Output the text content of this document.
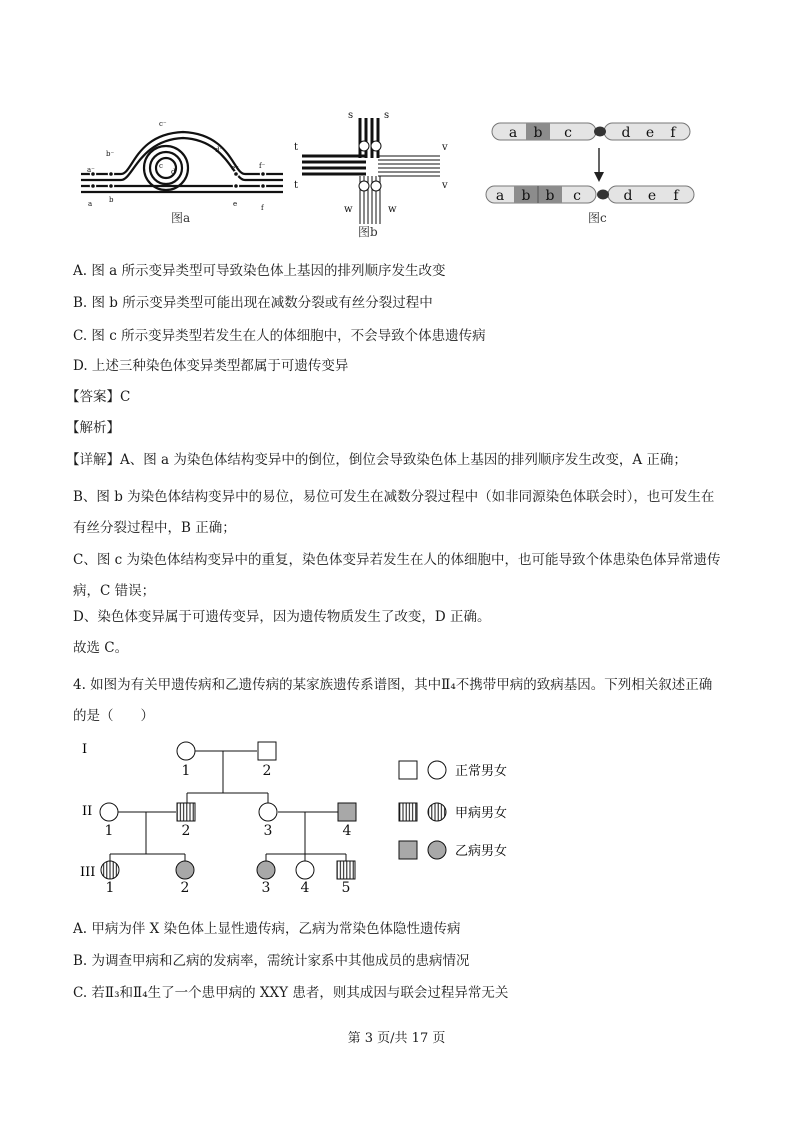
a⁻
b⁻
c⁻
d⁻
e⁻	f⁻
c
d
a b	e	f
图a
s	s
t
t
v
v
w	w
图b
a b c	d e f
a b b c	d e f
图c
A. 图 a 所示变异类型可导致染色体上基因的排列顺序发生改变
B. 图 b 所示变异类型可能出现在减数分裂或有丝分裂过程中
C. 图 c 所示变异类型若发生在人的体细胞中，不会导致个体患遗传病
D. 上述三种染色体变异类型都属于可遗传变异
【答案】C
【解析】
【详解】A、图 a 为染色体结构变异中的倒位，倒位会导致染色体上基因的排列顺序发生改变，A 正确；
B、图 b 为染色体结构变异中的易位，易位可发生在减数分裂过程中（如非同源染色体联会时），也可发生在有丝分裂过程中，B 正确；
C、图 c 为染色体结构变异中的重复，染色体变异若发生在人的体细胞中，也可能导致个体患染色体异常遗传病，C 错误；
D、染色体变异属于可遗传变异，因为遗传物质发生了改变，D 正确。
故选 C。
4. 如图为有关甲遗传病和乙遗传病的某家族遗传系谱图，其中Ⅱ₄不携带甲病的致病基因。下列相关叙述正确的是（　　）
I
II
III
1	2
1	2	3	4
1	2	3 4 5
正常男女
甲病男女
乙病男女
A. 甲病为伴 X 染色体上显性遗传病，乙病为常染色体隐性遗传病
B. 为调查甲病和乙病的发病率，需统计家系中其他成员的患病情况
C. 若Ⅱ₃和Ⅱ₄生了一个患甲病的 XXY 患者，则其成因与联会过程异常无关
第 3 页/共 17 页
